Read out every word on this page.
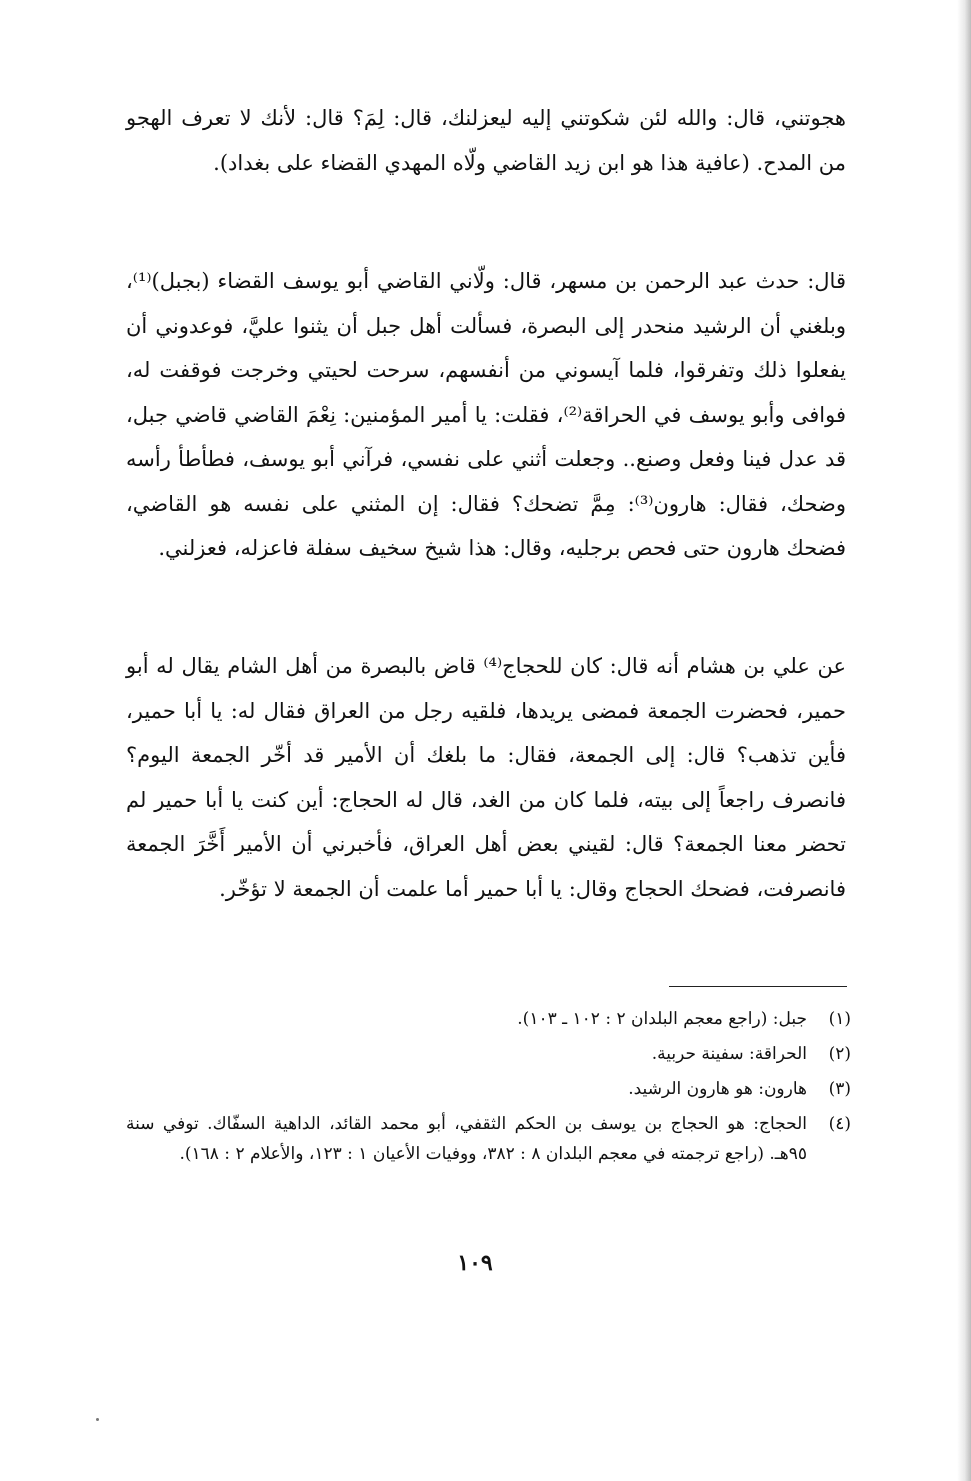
هجوتني، قال: والله لئن شكوتني إليه ليعزلنك، قال: لِمَ؟ قال: لأنك لا تعرف الهجو من المدح. (عافية هذا هو ابن زيد القاضي ولّاه المهدي القضاء على بغداد).

قال: حدث عبد الرحمن بن مسهر، قال: ولّاني القاضي أبو يوسف القضاء (بجبل)⁽¹⁾، وبلغني أن الرشيد منحدر إلى البصرة، فسألت أهل جبل أن يثنوا عليَّ، فوعدوني أن يفعلوا ذلك وتفرقوا، فلما آيسوني من أنفسهم، سرحت لحيتي وخرجت فوقفت له، فوافى وأبو يوسف في الحراقة⁽²⁾، فقلت: يا أمير المؤمنين: نِعْمَ القاضي قاضي جبل، قد عدل فينا وفعل وصنع.. وجعلت أثني على نفسي، فرآني أبو يوسف، فطأطأ رأسه وضحك، فقال: هارون⁽³⁾: مِمَّ تضحك؟ فقال: إن المثني على نفسه هو القاضي، فضحك هارون حتى فحص برجليه، وقال: هذا شيخ سخيف سفلة فاعزله، فعزلني.

عن علي بن هشام أنه قال: كان للحجاج⁽⁴⁾ قاض بالبصرة من أهل الشام يقال له أبو حمير، فحضرت الجمعة فمضى يريدها، فلقيه رجل من العراق فقال له: يا أبا حمير، فأين تذهب؟ قال: إلى الجمعة، فقال: ما بلغك أن الأمير قد أخّر الجمعة اليوم؟ فانصرف راجعاً إلى بيته، فلما كان من الغد، قال له الحجاج: أين كنت يا أبا حمير لم تحضر معنا الجمعة؟ قال: لقيني بعض أهل العراق، فأخبرني أن الأمير أَخَّرَ الجمعة فانصرفت، فضحك الحجاج وقال: يا أبا حمير أما علمت أن الجمعة لا تؤخّر.

(١)
جبل: (راجع معجم البلدان ٢ : ١٠٢ ـ ١٠٣).
(٢)
الحراقة: سفينة حربية.
(٣)
هارون: هو هارون الرشيد.
(٤)
الحجاج: هو الحجاج بن يوسف بن الحكم الثقفي، أبو محمد القائد، الداهية السفّاك. توفي سنة ٩٥هـ. (راجع ترجمته في معجم البلدان ٨ : ٣٨٢، ووفيات الأعيان ١ : ١٢٣، والأعلام ٢ : ١٦٨).
١٠٩
